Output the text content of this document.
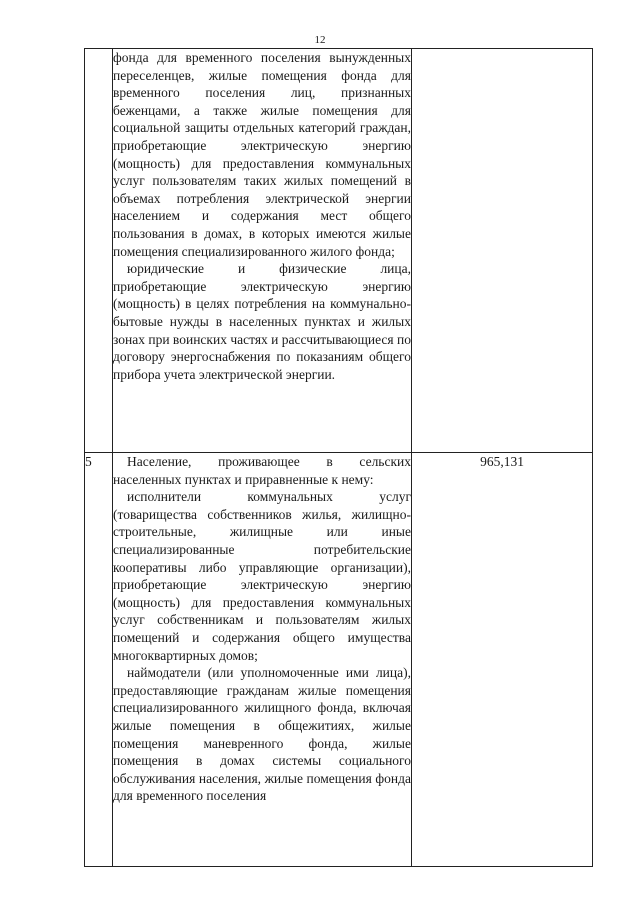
12

	фонда для временного поселения вынужденных переселенцев, жилые помещения фонда для временного поселения лиц, признанных беженцами, а также жилые помещения для социальной защиты отдельных категорий граждан, приобретающие электрическую энергию (мощность) для предоставления коммунальных услуг пользователям таких жилых помещений в объемах потребления электрической энергии населением и содержания мест общего пользования в домах, в которых имеются жилые помещения специализированного жилого фонда;

юридические и физические лица, приобретающие электрическую энергию (мощность) в целях потребления на коммунально-бытовые нужды в населенных пунктах и жилых зонах при воинских частях и рассчитывающиеся по договору энергоснабжения по показаниям общего прибора учета электрической энергии.	

5	Население, проживающее в сельских населенных пунктах и приравненные к нему:

исполнители коммунальных услуг (товарищества собственников жилья, жилищно-строительные, жилищные или иные специализированные потребительские кооперативы либо управляющие организации), приобретающие электрическую энергию (мощность) для предоставления коммунальных услуг собственникам и пользователям жилых помещений и содержания общего имущества многоквартирных домов;

наймодатели (или уполномоченные ими лица), предоставляющие гражданам жилые помещения специализированного жилищного фонда, включая жилые помещения в общежитиях, жилые помещения маневренного фонда, жилые помещения в домах системы социального обслуживания населения, жилые помещения фонда для временного поселения	965,131
